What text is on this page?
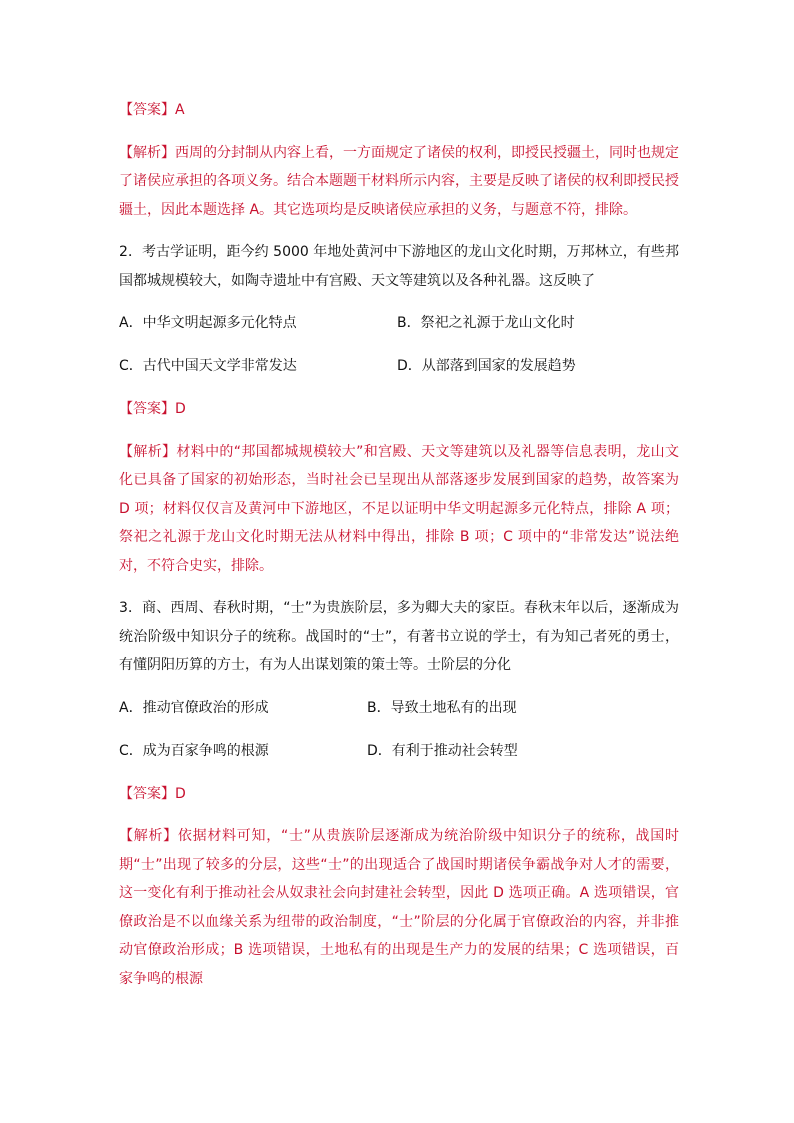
【答案】A

【解析】西周的分封制从内容上看，一方面规定了诸侯的权利，即授民授疆土，同时也规定了诸侯应承担的各项义务。结合本题题干材料所示内容，主要是反映了诸侯的权利即授民授疆土，因此本题选择 A。其它选项均是反映诸侯应承担的义务，与题意不符，排除。

2．考古学证明，距今约 5000 年地处黄河中下游地区的龙山文化时期，万邦林立，有些邦国都城规模较大，如陶寺遗址中有宫殿、天文等建筑以及各种礼器。这反映了

A．中华文明起源多元化特点	B．祭祀之礼源于龙山文化时
C．古代中国天文学非常发达	D．从部落到国家的发展趋势

【答案】D

【解析】材料中的“邦国都城规模较大”和宫殿、天文等建筑以及礼器等信息表明，龙山文化已具备了国家的初始形态，当时社会已呈现出从部落逐步发展到国家的趋势，故答案为 D 项；材料仅仅言及黄河中下游地区，不足以证明中华文明起源多元化特点，排除 A 项；祭祀之礼源于龙山文化时期无法从材料中得出，排除 B 项；C 项中的“非常发达”说法绝对，不符合史实，排除。

3．商、西周、春秋时期，“士”为贵族阶层，多为卿大夫的家臣。春秋末年以后，逐渐成为统治阶级中知识分子的统称。战国时的“士”，有著书立说的学士，有为知己者死的勇士，有懂阴阳历算的方士，有为人出谋划策的策士等。士阶层的分化

A．推动官僚政治的形成	B．导致土地私有的出现
C．成为百家争鸣的根源	D．有利于推动社会转型

【答案】D

【解析】依据材料可知，“士”从贵族阶层逐渐成为统治阶级中知识分子的统称，战国时期“士”出现了较多的分层，这些“士”的出现适合了战国时期诸侯争霸战争对人才的需要，这一变化有利于推动社会从奴隶社会向封建社会转型，因此 D 选项正确。A 选项错误，官僚政治是不以血缘关系为纽带的政治制度，“士”阶层的分化属于官僚政治的内容，并非推动官僚政治形成；B 选项错误，土地私有的出现是生产力的发展的结果；C 选项错误，百家争鸣的根源
